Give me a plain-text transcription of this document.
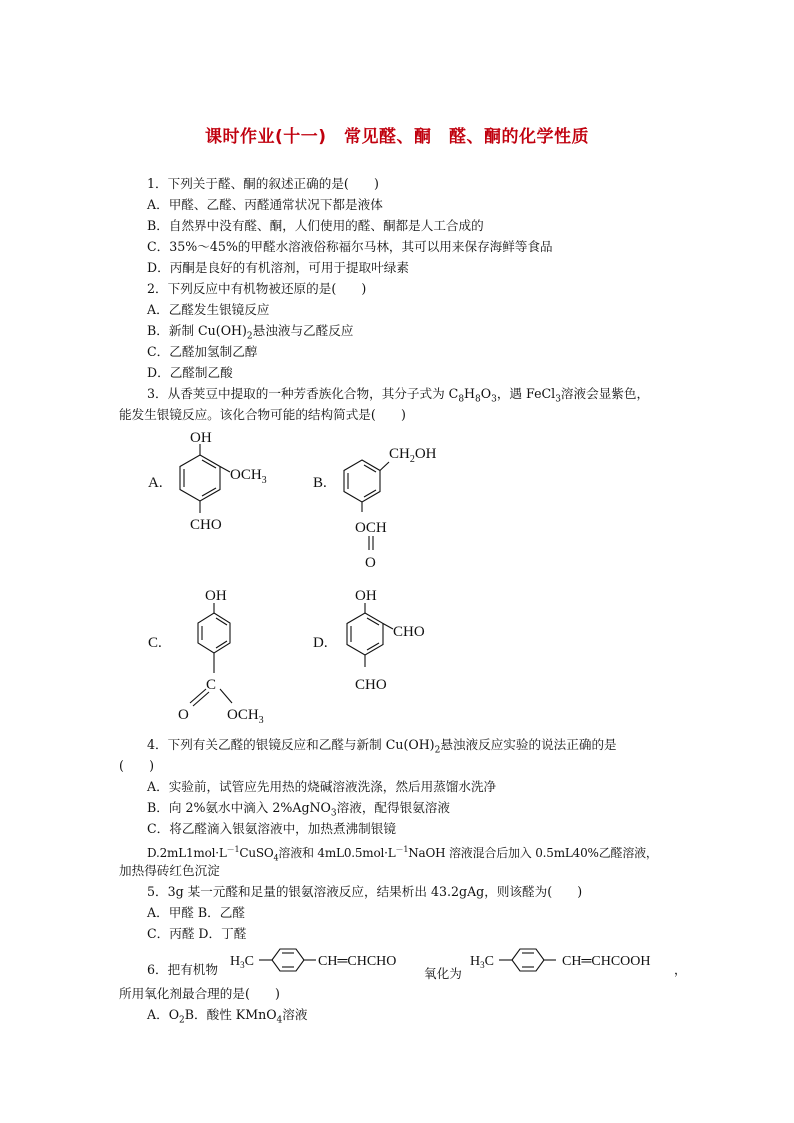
课时作业(十一)　常见醛、酮　醛、酮的化学性质
1．下列关于醛、酮的叙述正确的是(　　)
A．甲醛、乙醛、丙醛通常状况下都是液体
B．自然界中没有醛、酮，人们使用的醛、酮都是人工合成的
C．35%～45%的甲醛水溶液俗称福尔马林，其可以用来保存海鲜等食品
D．丙酮是良好的有机溶剂，可用于提取叶绿素
2．下列反应中有机物被还原的是(　　)
A．乙醛发生银镜反应
B．新制 $Cu(OH)_2$悬浊液与乙醛反应
C．乙醛加氢制乙醇
D．乙醛制乙酸
3．从香荚豆中提取的一种芳香族化合物，其分子式为 $C_8H_8O_3$，遇 FeCl$_3$溶液会显紫色，
能发生银镜反应。该化合物可能的结构简式是(　　)
A.
OH
$OCH_3$
CHO
B.
$CH_2OH$
OCH
O
C.
OH
C
O	$OCH_3$
D.
OH
CHO
CHO
4．下列有关乙醛的银镜反应和乙醛与新制 $Cu(OH)_2$悬浊液反应实验的说法正确的是
(　　)
A．实验前，试管应先用热的烧碱溶液洗涤，然后用蒸馏水洗净
B．向 2%氨水中滴入 2%AgNO$_3$溶液，配得银氨溶液
C．将乙醛滴入银氨溶液中，加热煮沸制银镜
$D.2mL1mol\cdot L^{-1}CuSO_4$溶液和 $4mL0.5mol\cdot L^{-1}NaOH$ 溶液混合后加入 0.5mL40%乙醛溶液，
加热得砖红色沉淀
5．3g 某一元醛和足量的银氨溶液反应，结果析出 43.2gAg，则该醛为(　　)
A．甲醛 B．乙醛
C．丙醛 D．丁醛
6．把有机物
$H_3C$	CH═CHCHO
氧化为
$H_3C$	CH═CHCOOH
，
所用氧化剂最合理的是(　　)
A．$O_2B$．酸性 KMnO$_4$溶液
